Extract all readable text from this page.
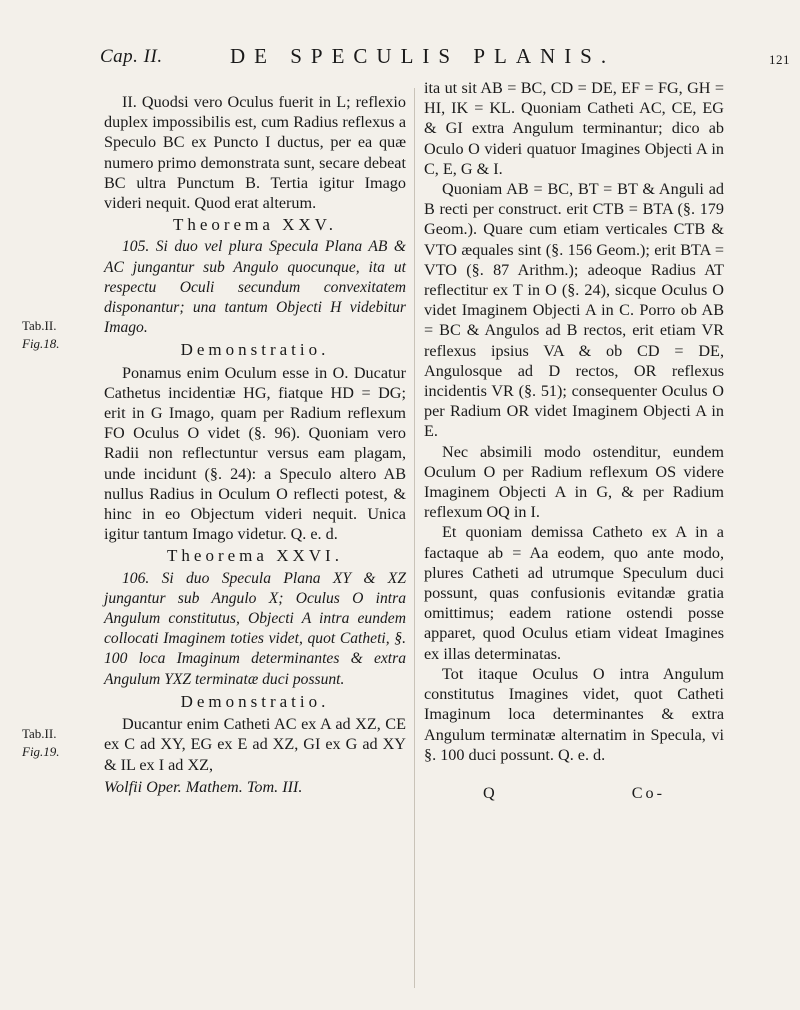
Cap. II.	DE SPECULIS PLANIS.	121
Tab.II.
Fig.18.
Tab.II.
Fig.19.

II. Quodsi vero Oculus fuerit in L; reflexio duplex impossibilis est, cum Radius reflexus a Speculo BC ex Puncto I ductus, per ea quæ numero primo demonstrata sunt, secare debeat BC ultra Punctum B. Tertia igitur Imago videri nequit. Quod erat alterum.

Theorema XXV.

105. Si duo vel plura Specula Plana AB & AC jungantur sub Angulo quocunque, ita ut respectu Oculi secundum convexitatem disponantur; una tantum Objecti H videbitur Imago.

Demonstratio.

Ponamus enim Oculum esse in O. Ducatur Cathetus incidentiæ HG, fiatque HD = DG; erit in G Imago, quam per Radium reflexum FO Oculus O videt (§. 96). Quoniam vero Radii non reflectuntur versus eam plagam, unde incidunt (§. 24): a Speculo altero AB nullus Radius in Oculum O reflecti potest, & hinc in eo Objectum videri nequit. Unica igitur tantum Imago videtur. Q. e. d.

Theorema XXVI.

106. Si duo Specula Plana XY & XZ jungantur sub Angulo X; Oculus O intra Angulum constitutus, Objecti A intra eundem collocati Imaginem toties videt, quot Catheti, §. 100 loca Imaginum determinantes & extra Angulum YXZ terminatæ duci possunt.

Demonstratio.

Ducantur enim Catheti AC ex A ad XZ, CE ex C ad XY, EG ex E ad XZ, GI ex G ad XY & IL ex I ad XZ,

Wolfii Oper. Mathem. Tom. III.

ita ut sit AB = BC, CD = DE, EF = FG, GH = HI, IK = KL. Quoniam Catheti AC, CE, EG & GI extra Angulum terminantur; dico ab Oculo O videri quatuor Imagines Objecti A in C, E, G & I.

Quoniam AB = BC, BT = BT & Anguli ad B recti per construct. erit CTB = BTA (§. 179 Geom.). Quare cum etiam verticales CTB & VTO æquales sint (§. 156 Geom.); erit BTA = VTO (§. 87 Arithm.); adeoque Radius AT reflectitur ex T in O (§. 24), sicque Oculus O videt Imaginem Objecti A in C. Porro ob AB = BC & Angulos ad B rectos, erit etiam VR reflexus ipsius VA & ob CD = DE, Angulosque ad D rectos, OR reflexus incidentis VR (§. 51); consequenter Oculus O per Radium OR videt Imaginem Objecti A in E.

Nec absimili modo ostenditur, eundem Oculum O per Radium reflexum OS videre Imaginem Objecti A in G, & per Radium reflexum OQ in I.

Et quoniam demissa Catheto ex A in a factaque ab = Aa eodem, quo ante modo, plures Catheti ad utrumque Speculum duci possunt, quas confusionis evitandæ gratia omittimus; eadem ratione ostendi posse apparet, quod Oculus etiam videat Imagines ex illas determinatas.

Tot itaque Oculus O intra Angulum constitutus Imagines videt, quot Catheti Imaginum loca determinantes & extra Angulum terminatæ alternatim in Specula, vi §. 100 duci possunt. Q. e. d.

Q	Co-
